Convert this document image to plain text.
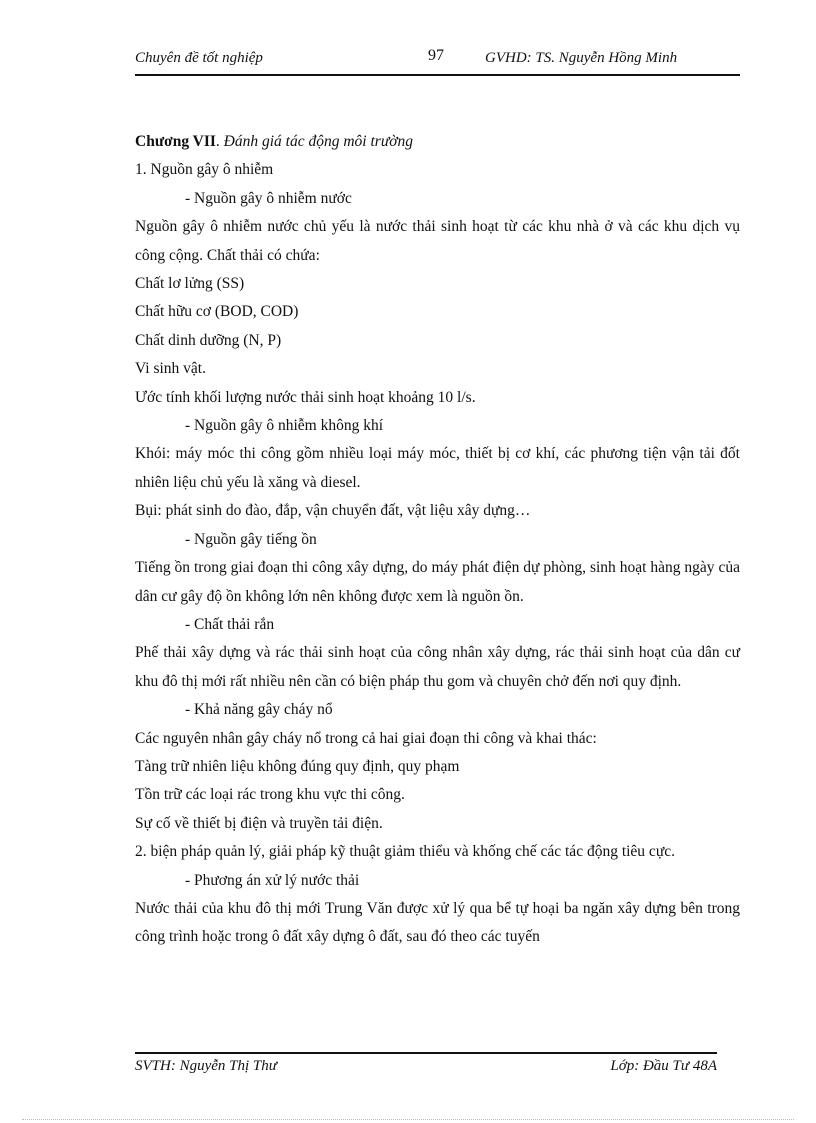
Chuyên đề tốt nghiệp	97	GVHD: TS. Nguyễn Hồng Minh

Chương VII. Đánh giá tác động môi trường

1. Nguồn gây ô nhiễm

- Nguồn gây ô nhiễm nước

Nguồn gây ô nhiễm nước chủ yếu là nước thải sinh hoạt từ các khu nhà ở và các khu dịch vụ công cộng. Chất thải có chứa:

Chất lơ lửng (SS)

Chất hữu cơ (BOD, COD)

Chất dinh dưỡng (N, P)

Vi sinh vật.

Ước tính khối lượng nước thải sinh hoạt khoảng 10 l/s.

- Nguồn gây ô nhiễm không khí

Khói: máy móc thi công gồm nhiều loại máy móc, thiết bị cơ khí, các phương tiện vận tải đốt nhiên liệu chủ yếu là xăng và diesel.

Bụi: phát sinh do đào, đắp, vận chuyển đất, vật liệu xây dựng…

- Nguồn gây tiếng ồn

Tiếng ồn trong giai đoạn thi công xây dựng, do máy phát điện dự phòng, sinh hoạt hàng ngày của dân cư gây độ ồn không lớn nên không được xem là nguồn ồn.

- Chất thải rắn

Phế thải xây dựng và rác thải sinh hoạt của công nhân xây dựng, rác thải sinh hoạt của dân cư khu đô thị mới rất nhiều nên cần có biện pháp thu gom và chuyên chở đến nơi quy định.

- Khả năng gây cháy nổ

Các nguyên nhân gây cháy nổ trong cả hai giai đoạn thi công và khai thác:

Tàng trữ nhiên liệu không đúng quy định, quy phạm

Tồn trữ các loại rác trong khu vực thi công.

Sự cố về thiết bị điện và truyền tải điện.

2. biện pháp quản lý, giải pháp kỹ thuật giảm thiểu và khống chế các tác động tiêu cực.

- Phương án xử lý nước thải

Nước thải của khu đô thị mới Trung Văn được xử lý qua bể tự hoại ba ngăn xây dựng bên trong công trình hoặc trong ô đất xây dựng ô đất, sau đó theo các tuyến

SVTH: Nguyễn Thị Thư	Lớp: Đầu Tư 48A
